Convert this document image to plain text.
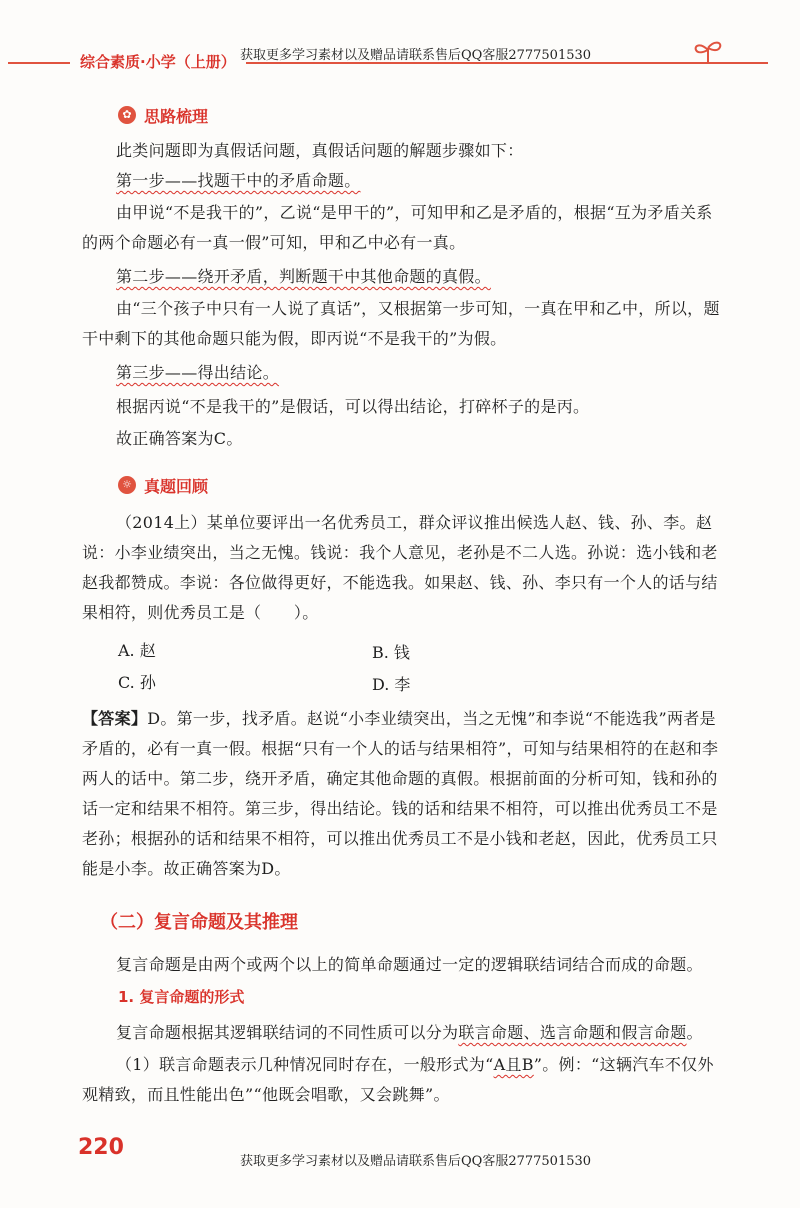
综合素质·小学（上册） 获取更多学习素材以及赠品请联系售后QQ客服2777501530
✿ 思路梳理
此类问题即为真假话问题，真假话问题的解题步骤如下：
第一步——找题干中的矛盾命题。
由甲说“不是我干的”，乙说“是甲干的”，可知甲和乙是矛盾的，根据“互为矛盾关系的两个命题必有一真一假”可知，甲和乙中必有一真。
第二步——绕开矛盾，判断题干中其他命题的真假。
由“三个孩子中只有一人说了真话”，又根据第一步可知，一真在甲和乙中，所以，题干中剩下的其他命题只能为假，即丙说“不是我干的”为假。
第三步——得出结论。
根据丙说“不是我干的”是假话，可以得出结论，打碎杯子的是丙。
故正确答案为C。
☼ 真题回顾
（2014上）某单位要评出一名优秀员工，群众评议推出候选人赵、钱、孙、李。赵说：小李业绩突出，当之无愧。钱说：我个人意见，老孙是不二人选。孙说：选小钱和老赵我都赞成。李说：各位做得更好，不能选我。如果赵、钱、孙、李只有一个人的话与结果相符，则优秀员工是（　　）。
A. 赵	B. 钱
C. 孙	D. 李
【答案】D。第一步，找矛盾。赵说“小李业绩突出，当之无愧”和李说“不能选我”两者是矛盾的，必有一真一假。根据“只有一个人的话与结果相符”，可知与结果相符的在赵和李两人的话中。第二步，绕开矛盾，确定其他命题的真假。根据前面的分析可知，钱和孙的话一定和结果不相符。第三步，得出结论。钱的话和结果不相符，可以推出优秀员工不是老孙；根据孙的话和结果不相符，可以推出优秀员工不是小钱和老赵，因此，优秀员工只能是小李。故正确答案为D。
（二）复言命题及其推理
复言命题是由两个或两个以上的简单命题通过一定的逻辑联结词结合而成的命题。
1. 复言命题的形式
复言命题根据其逻辑联结词的不同性质可以分为联言命题、选言命题和假言命题。
（1）联言命题表示几种情况同时存在，一般形式为“A且B”。例：“这辆汽车不仅外观精致，而且性能出色”“他既会唱歌，又会跳舞”。
220
获取更多学习素材以及赠品请联系售后QQ客服2777501530
